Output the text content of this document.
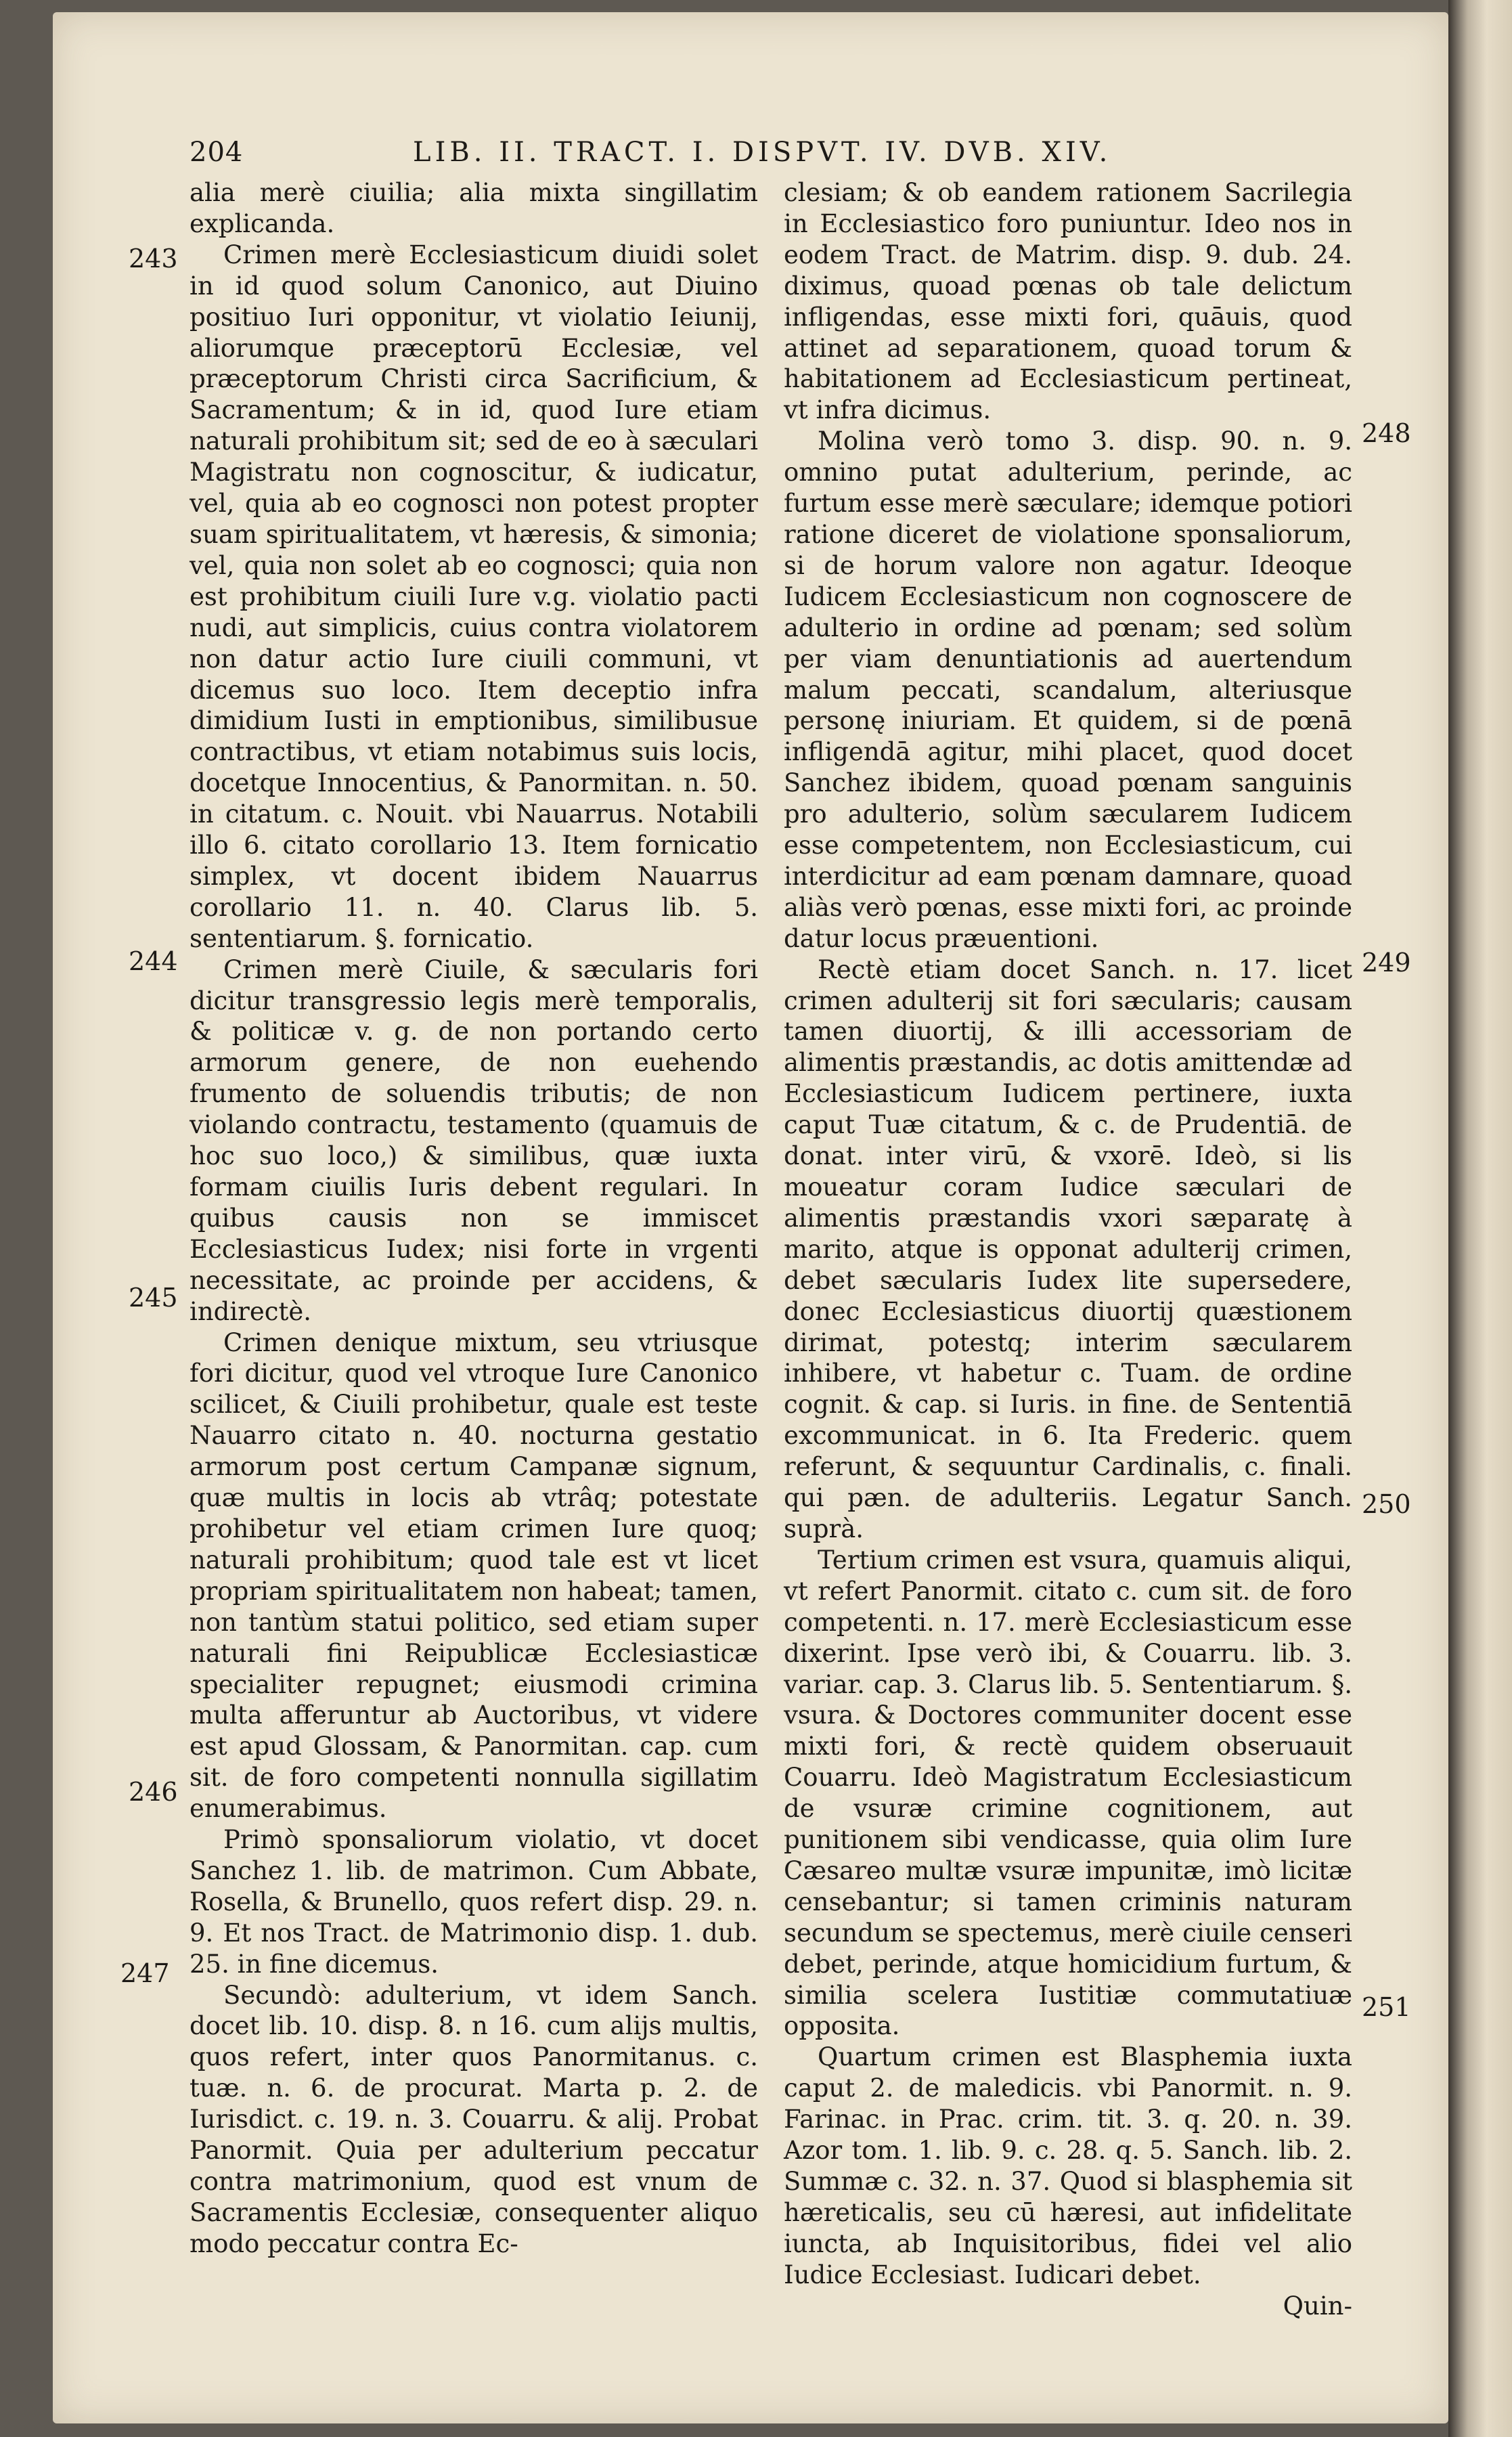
204	LIB. II. TRACT. I. DISPVT. IV. DVB. XIV.
243
244
245
246
247
248
249
250
251

alia merè ciuilia; alia mixta singillatim explicanda.

Crimen merè Ecclesiasticum diuidi solet in id quod solum Canonico, aut Diuino positiuo Iuri opponitur, vt violatio Ieiunij, aliorumque præceptorū Ecclesiæ, vel præceptorum Christi circa Sacrificium, & Sacramentum; & in id, quod Iure etiam naturali prohibitum sit; sed de eo à sæculari Magistratu non cognoscitur, & iudicatur, vel, quia ab eo cognosci non potest propter suam spiritualitatem, vt hæresis, & simonia; vel, quia non solet ab eo cognosci; quia non est prohibitum ciuili Iure v.g. violatio pacti nudi, aut simplicis, cuius contra violatorem non datur actio Iure ciuili communi, vt dicemus suo loco. Item deceptio infra dimidium Iusti in emptionibus, similibusue contractibus, vt etiam notabimus suis locis, docetque Innocentius, & Panormitan. n. 50. in citatum. c. Nouit. vbi Nauarrus. Notabili illo 6. citato corollario 13. Item fornicatio simplex, vt docent ibidem Nauarrus corollario 11. n. 40. Clarus lib. 5. sententiarum. §. fornicatio.

Crimen merè Ciuile, & sæcularis fori dicitur transgressio legis merè temporalis, & politicæ v. g. de non portando certo armorum genere, de non euehendo frumento de soluendis tributis; de non violando contractu, testamento (quamuis de hoc suo loco,) & similibus, quæ iuxta formam ciuilis Iuris debent regulari. In quibus causis non se immiscet Ecclesiasticus Iudex; nisi forte in vrgenti necessitate, ac proinde per accidens, & indirectè.

Crimen denique mixtum, seu vtriusque fori dicitur, quod vel vtroque Iure Canonico scilicet, & Ciuili prohibetur, quale est teste Nauarro citato n. 40. nocturna gestatio armorum post certum Campanæ signum, quæ multis in locis ab vtrâq; potestate prohibetur vel etiam crimen Iure quoq; naturali prohibitum; quod tale est vt licet propriam spiritualitatem non habeat; tamen, non tantùm statui politico, sed etiam super naturali fini Reipublicæ Ecclesiasticæ specialiter repugnet; eiusmodi crimina multa afferuntur ab Auctoribus, vt videre est apud Glossam, & Panormitan. cap. cum sit. de foro competenti nonnulla sigillatim enumerabimus.

Primò sponsaliorum violatio, vt docet Sanchez 1. lib. de matrimon. Cum Abbate, Rosella, & Brunello, quos refert disp. 29. n. 9. Et nos Tract. de Matrimonio disp. 1. dub. 25. in fine dicemus.

Secundò: adulterium, vt idem Sanch. docet lib. 10. disp. 8. n 16. cum alijs multis, quos refert, inter quos Panormitanus. c. tuæ. n. 6. de procurat. Marta p. 2. de Iurisdict. c. 19. n. 3. Couarru. & alij. Probat Panormit. Quia per adulterium peccatur contra matrimonium, quod est vnum de Sacramentis Ecclesiæ, consequenter aliquo modo peccatur contra Ec-

clesiam; & ob eandem rationem Sacrilegia in Ecclesiastico foro puniuntur. Ideo nos in eodem Tract. de Matrim. disp. 9. dub. 24. diximus, quoad pœnas ob tale delictum infligendas, esse mixti fori, quāuis, quod attinet ad separationem, quoad torum & habitationem ad Ecclesiasticum pertineat, vt infra dicimus.

Molina verò tomo 3. disp. 90. n. 9. omnino putat adulterium, perinde, ac furtum esse merè sæculare; idemque potiori ratione diceret de violatione sponsaliorum, si de horum valore non agatur. Ideoque Iudicem Ecclesiasticum non cognoscere de adulterio in ordine ad pœnam; sed solùm per viam denuntiationis ad auertendum malum peccati, scandalum, alteriusque personę iniuriam. Et quidem, si de pœnā infligendā agitur, mihi placet, quod docet Sanchez ibidem, quoad pœnam sanguinis pro adulterio, solùm sæcularem Iudicem esse competentem, non Ecclesiasticum, cui interdicitur ad eam pœnam damnare, quoad aliàs verò pœnas, esse mixti fori, ac proinde datur locus præuentioni.

Rectè etiam docet Sanch. n. 17. licet crimen adulterij sit fori sæcularis; causam tamen diuortij, & illi accessoriam de alimentis præstandis, ac dotis amittendæ ad Ecclesiasticum Iudicem pertinere, iuxta caput Tuæ citatum, & c. de Prudentiā. de donat. inter virū, & vxorē. Ideò, si lis moueatur coram Iudice sæculari de alimentis præstandis vxori sæparatę à marito, atque is opponat adulterij crimen, debet sæcularis Iudex lite supersedere, donec Ecclesiasticus diuortij quæstionem dirimat, potestq; interim sæcularem inhibere, vt habetur c. Tuam. de ordine cognit. & cap. si Iuris. in fine. de Sententiā excommunicat. in 6. Ita Frederic. quem referunt, & sequuntur Cardinalis, c. finali. qui pæn. de adulteriis. Legatur Sanch. suprà.

Tertium crimen est vsura, quamuis aliqui, vt refert Panormit. citato c. cum sit. de foro competenti. n. 17. merè Ecclesiasticum esse dixerint. Ipse verò ibi, & Couarru. lib. 3. variar. cap. 3. Clarus lib. 5. Sententiarum. §. vsura. & Doctores communiter docent esse mixti fori, & rectè quidem obseruauit Couarru. Ideò Magistratum Ecclesiasticum de vsuræ crimine cognitionem, aut punitionem sibi vendicasse, quia olim Iure Cæsareo multæ vsuræ impunitæ, imò licitæ censebantur; si tamen criminis naturam secundum se spectemus, merè ciuile censeri debet, perinde, atque homicidium furtum, & similia scelera Iustitiæ commutatiuæ opposita.

Quartum crimen est Blasphemia iuxta caput 2. de maledicis. vbi Panormit. n. 9. Farinac. in Prac. crim. tit. 3. q. 20. n. 39. Azor tom. 1. lib. 9. c. 28. q. 5. Sanch. lib. 2. Summæ c. 32. n. 37. Quod si blasphemia sit hæreticalis, seu cū hæresi, aut infidelitate iuncta, ab Inquisitoribus, fidei vel alio Iudice Ecclesiast. Iudicari debet.

Quin-
